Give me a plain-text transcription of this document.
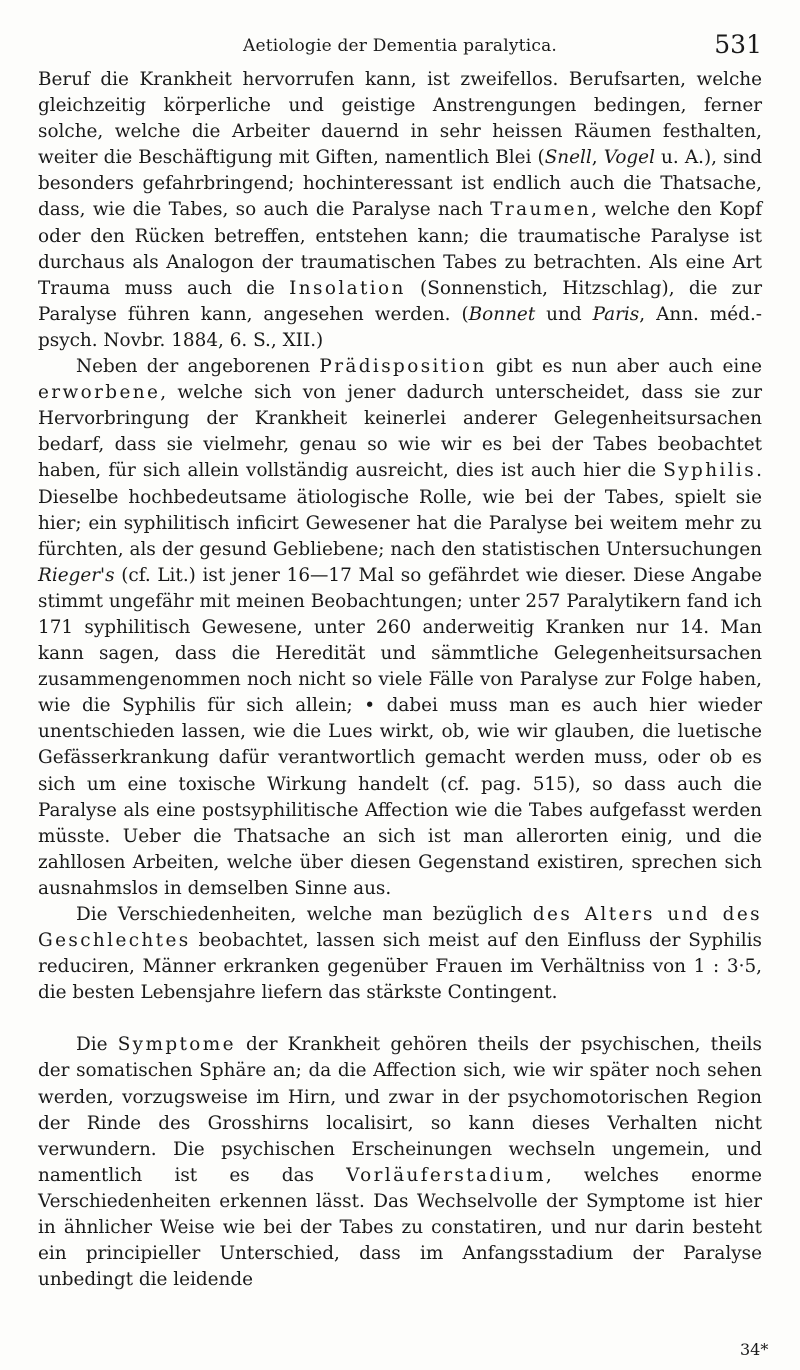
Aetiologie der Dementia paralytica.	531

Beruf die Krankheit hervorrufen kann, ist zweifellos. Berufsarten, welche gleichzeitig körperliche und geistige Anstrengungen bedingen, ferner solche, welche die Arbeiter dauernd in sehr heissen Räumen festhalten, weiter die Beschäftigung mit Giften, namentlich Blei (Snell, Vogel u. A.), sind besonders gefahrbringend; hochinteressant ist endlich auch die Thatsache, dass, wie die Tabes, so auch die Paralyse nach Traumen, welche den Kopf oder den Rücken betreffen, entstehen kann; die traumatische Paralyse ist durchaus als Analogon der traumatischen Tabes zu betrachten. Als eine Art Trauma muss auch die Insolation (Sonnenstich, Hitzschlag), die zur Paralyse führen kann, angesehen werden. (Bonnet und Paris, Ann. méd.-psych. Novbr. 1884, 6. S., XII.)

Neben der angeborenen Prädisposition gibt es nun aber auch eine erworbene, welche sich von jener dadurch unterscheidet, dass sie zur Hervorbringung der Krankheit keinerlei anderer Gelegenheitsursachen bedarf, dass sie vielmehr, genau so wie wir es bei der Tabes beobachtet haben, für sich allein vollständig ausreicht, dies ist auch hier die Syphilis. Dieselbe hochbedeutsame ätiologische Rolle, wie bei der Tabes, spielt sie hier; ein syphilitisch inficirt Gewesener hat die Paralyse bei weitem mehr zu fürchten, als der gesund Gebliebene; nach den statistischen Untersuchungen Rieger's (cf. Lit.) ist jener 16—17 Mal so gefährdet wie dieser. Diese Angabe stimmt ungefähr mit meinen Beobachtungen; unter 257 Paralytikern fand ich 171 syphilitisch Gewesene, unter 260 anderweitig Kranken nur 14. Man kann sagen, dass die Heredität und sämmtliche Gelegenheitsursachen zusammengenommen noch nicht so viele Fälle von Paralyse zur Folge haben, wie die Syphilis für sich allein; • dabei muss man es auch hier wieder unentschieden lassen, wie die Lues wirkt, ob, wie wir glauben, die luetische Gefässerkrankung dafür verantwortlich gemacht werden muss, oder ob es sich um eine toxische Wirkung handelt (cf. pag. 515), so dass auch die Paralyse als eine postsyphilitische Affection wie die Tabes aufgefasst werden müsste. Ueber die Thatsache an sich ist man allerorten einig, und die zahllosen Arbeiten, welche über diesen Gegenstand existiren, sprechen sich ausnahmslos in demselben Sinne aus.

Die Verschiedenheiten, welche man bezüglich des Alters und des Geschlechtes beobachtet, lassen sich meist auf den Einfluss der Syphilis reduciren, Männer erkranken gegenüber Frauen im Verhältniss von 1 : 3·5, die besten Lebensjahre liefern das stärkste Contingent.

Die Symptome der Krankheit gehören theils der psychischen, theils der somatischen Sphäre an; da die Affection sich, wie wir später noch sehen werden, vorzugsweise im Hirn, und zwar in der psychomotorischen Region der Rinde des Grosshirns localisirt, so kann dieses Verhalten nicht verwundern. Die psychischen Erscheinungen wechseln ungemein, und namentlich ist es das Vorläuferstadium, welches enorme Verschiedenheiten erkennen lässt. Das Wechselvolle der Symptome ist hier in ähnlicher Weise wie bei der Tabes zu constatiren, und nur darin besteht ein principieller Unterschied, dass im Anfangsstadium der Paralyse unbedingt die leidende

34*
